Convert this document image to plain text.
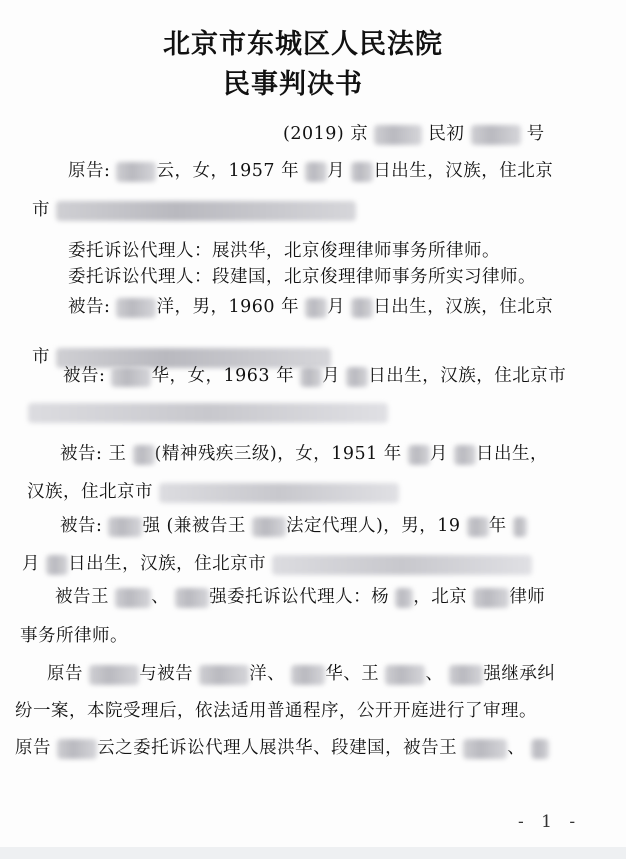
北京市东城区人民法院
民事判决书
(2019) 京	民初	号
原告:	云，女，1957 年 月 日出生，汉族，住北京
市
委托诉讼代理人：展洪华，北京俊理律师事务所律师。
委托诉讼代理人：段建国，北京俊理律师事务所实习律师。
被告:	洋，男，1960 年 月 日出生，汉族，住北京
市
被告:	华，女，1963 年 月 日出生，汉族，住北京市
被告: 王 (精神残疾三级)，女，1951 年 月 日出生，
汉族，住北京市
被告: 强 (兼被告王 法定代理人)，男，19 年
月 日出生，汉族，住北京市
被告王 、 强委托诉讼代理人：杨 ，北京 律师
事务所律师。
原告	与被告	洋、 华、王	、 强继承纠
纷一案，本院受理后，依法适用普通程序，公开开庭进行了审理。
原告	云之委托诉讼代理人展洪华、段建国，被告王	、
- 1 -
